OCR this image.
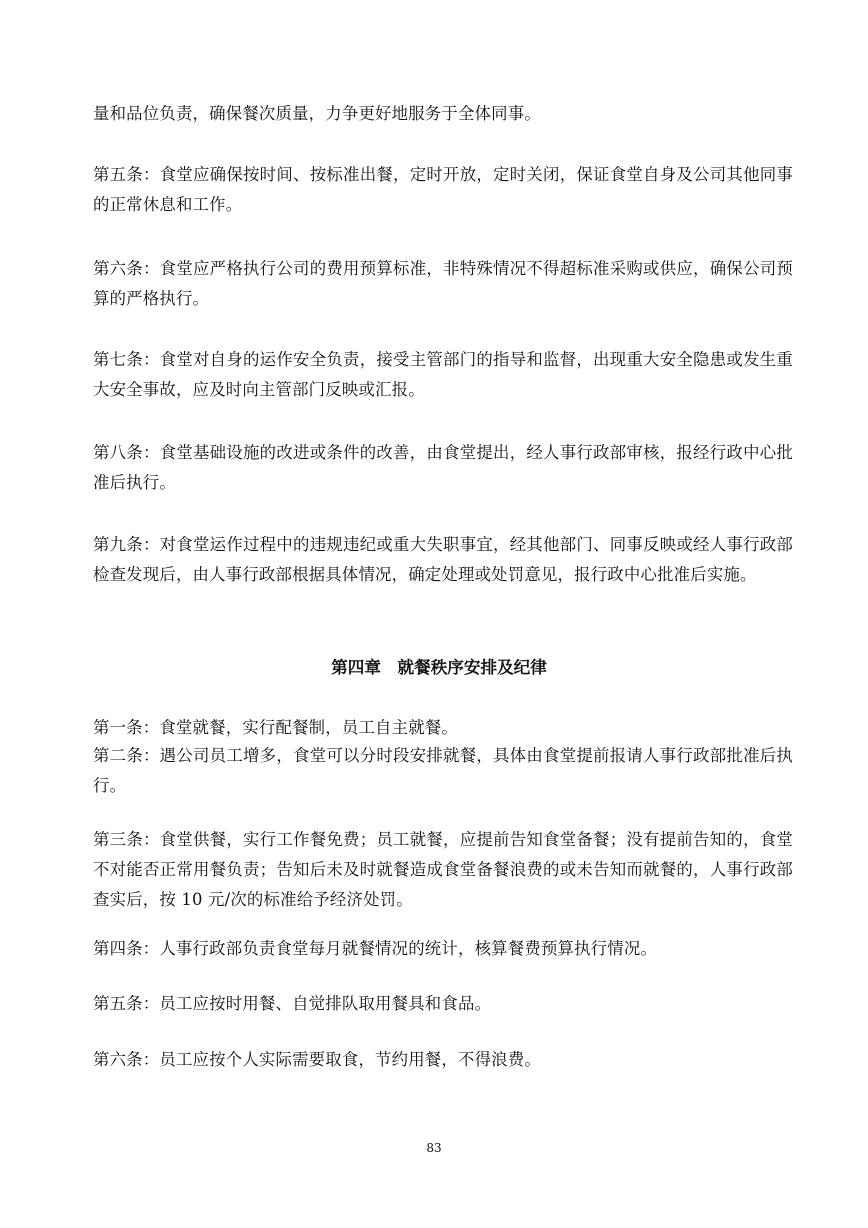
量和品位负责，确保餐次质量，力争更好地服务于全体同事。

第五条：食堂应确保按时间、按标准出餐，定时开放，定时关闭，保证食堂自身及公司其他同事的正常休息和工作。

第六条：食堂应严格执行公司的费用预算标准，非特殊情况不得超标准采购或供应，确保公司预算的严格执行。

第七条：食堂对自身的运作安全负责，接受主管部门的指导和监督，出现重大安全隐患或发生重大安全事故，应及时向主管部门反映或汇报。

第八条：食堂基础设施的改进或条件的改善，由食堂提出，经人事行政部审核，报经行政中心批准后执行。

第九条：对食堂运作过程中的违规违纪或重大失职事宜，经其他部门、同事反映或经人事行政部检查发现后，由人事行政部根据具体情况，确定处理或处罚意见，报行政中心批准后实施。

第四章　就餐秩序安排及纪律

第一条：食堂就餐，实行配餐制，员工自主就餐。

第二条：遇公司员工增多，食堂可以分时段安排就餐，具体由食堂提前报请人事行政部批准后执行。

第三条：食堂供餐，实行工作餐免费；员工就餐，应提前告知食堂备餐；没有提前告知的，食堂不对能否正常用餐负责；告知后未及时就餐造成食堂备餐浪费的或未告知而就餐的，人事行政部查实后，按 10 元/次的标准给予经济处罚。

第四条：人事行政部负责食堂每月就餐情况的统计，核算餐费预算执行情况。

第五条：员工应按时用餐、自觉排队取用餐具和食品。

第六条：员工应按个人实际需要取食，节约用餐，不得浪费。

83
